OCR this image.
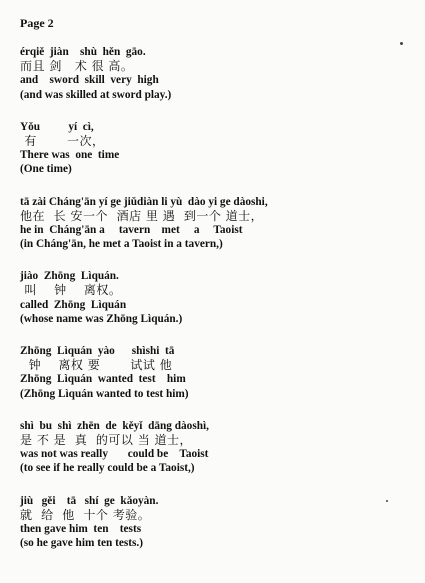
Page 2
érqiě  jiàn    shù  hěn  gāo.
而且 剑   术 很 高。
and    sword  skill  very  high
(and was skilled at sword play.)
Yǒu          yí  cì,
有       一次，
There was  one  time
(One time)
tā zài Cháng'ān yí ge jiǔdiàn li yù  dào yi ge dàoshi,
他在  长 安一个  酒店 里 遇  到一个 道士，
he in  Cháng'ān a     tavern    met     a     Taoist
(in Cháng'ān, he met a Taoist in a tavern,)
jiào  Zhōng  Lìquán.
叫    钟    离权。
called  Zhōng  Lìquán
(whose name was Zhōng Lìquán.)
Zhōng  Lìquán  yào      shìshi  tā
钟    离权 要       试试 他
Zhōng  Lìquán  wanted  test    him
(Zhōng Lìquán wanted to test him)
shì  bu  shì  zhēn  de  kěyǐ  dāng dàoshì,
是 不 是  真  的可以 当 道士，
was not was really       could be    Taoist
(to see if he really could be a Taoist,)
jiù   gěi    tā   shí  ge  kǎoyàn.
就  给  他  十个 考验。
then gave him  ten    tests
(so he gave him ten tests.)
